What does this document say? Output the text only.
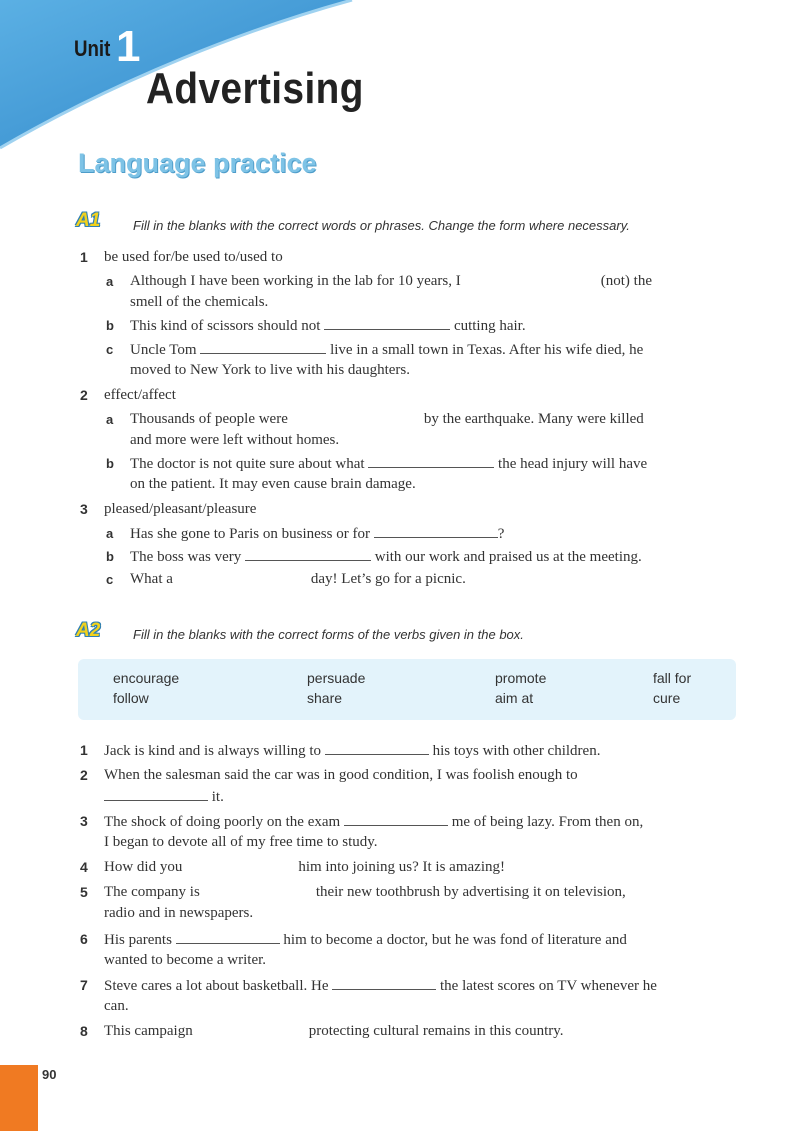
Unit 1
Advertising
Language practice
A1	Fill in the blanks with the correct words or phrases. Change the form where necessary.
1 be used for/be used to/used to
a Although I have been working in the lab for 10 years, I	(not) the
smell of the chemicals.
b This kind of scissors should not	cutting hair.
c Uncle Tom	live in a small town in Texas. After his wife died, he
moved to New York to live with his daughters.
2 effect/affect
a Thousands of people were	by the earthquake. Many were killed
and more were left without homes.
b The doctor is not quite sure about what	the head injury will have
on the patient. It may even cause brain damage.
3 pleased/pleasant/pleasure
a Has she gone to Paris on business or for	?
b The boss was very	with our work and praised us at the meeting.
c What a	day! Let’s go for a picnic.
A2	Fill in the blanks with the correct forms of the verbs given in the box.
encourage	persuade	promote	fall for
follow	share	aim at	cure
1 Jack is kind and is always willing to	his toys with other children.
2 When the salesman said the car was in good condition, I was foolish enough to
it.
3 The shock of doing poorly on the exam	me of being lazy. From then on,
I began to devote all of my free time to study.
4 How did you	him into joining us? It is amazing!
5 The company is	their new toothbrush by advertising it on television,
radio and in newspapers.
6 His parents	him to become a doctor, but he was fond of literature and
wanted to become a writer.
7 Steve cares a lot about basketball. He	the latest scores on TV whenever he
can.
8 This campaign	protecting cultural remains in this country.
90
